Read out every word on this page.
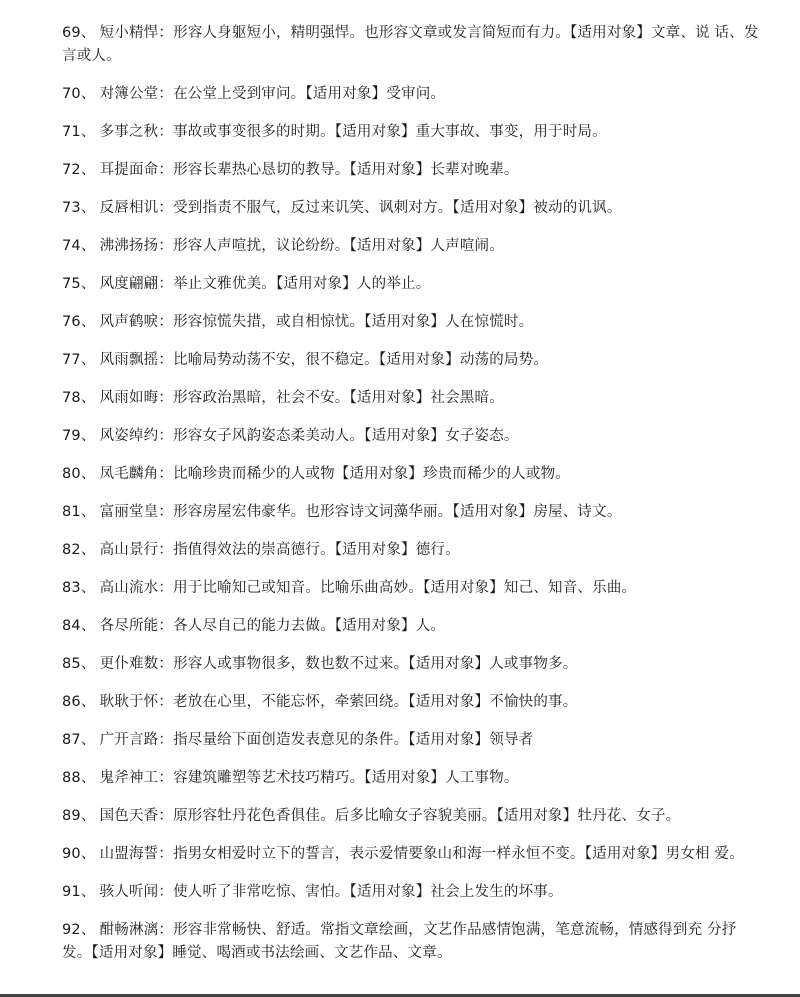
69、 短小精悍：形容人身躯短小，精明强悍。也形容文章或发言简短而有力。【适用对象】文章、说 话、发言或人。
70、 对簿公堂：在公堂上受到审问。【适用对象】受审问。
71、 多事之秋：事故或事变很多的时期。【适用对象】重大事故、事变，用于时局。
72、 耳提面命：形容长辈热心恳切的教导。【适用对象】长辈对晚辈。
73、 反唇相讥：受到指责不服气，反过来讥笑、讽刺对方。【适用对象】被动的讥讽。
74、 沸沸扬扬：形容人声喧扰，议论纷纷。【适用对象】人声喧闹。
75、 风度翩翩：举止文雅优美。【适用对象】人的举止。
76、 风声鹤唳：形容惊慌失措，或自相惊忧。【适用对象】人在惊慌时。
77、 风雨飘摇：比喻局势动荡不安，很不稳定。【适用对象】动荡的局势。
78、 风雨如晦：形容政治黑暗，社会不安。【适用对象】社会黑暗。
79、 风姿绰约：形容女子风韵姿态柔美动人。【适用对象】女子姿态。
80、 凤毛麟角：比喻珍贵而稀少的人或物【适用对象】珍贵而稀少的人或物。
81、 富丽堂皇：形容房屋宏伟豪华。也形容诗文词藻华丽。【适用对象】房屋、诗文。
82、 高山景行：指值得效法的崇高德行。【适用对象】德行。
83、 高山流水：用于比喻知己或知音。比喻乐曲高妙。【适用对象】知己、知音、乐曲。
84、 各尽所能：各人尽自己的能力去做。【适用对象】人。
85、 更仆难数：形容人或事物很多，数也数不过来。【适用对象】人或事物多。
86、 耿耿于怀：老放在心里，不能忘怀，牵萦回绕。【适用对象】不愉快的事。
87、 广开言路：指尽量给下面创造发表意见的条件。【适用对象】领导者
88、 鬼斧神工：容建筑雕塑等艺术技巧精巧。【适用对象】人工事物。
89、 国色天香：原形容牡丹花色香俱佳。后多比喻女子容貌美丽。【适用对象】牡丹花、女子。
90、 山盟海誓：指男女相爱时立下的誓言，表示爱情要象山和海一样永恒不变。【适用对象】男女相 爱。
91、 骇人听闻：使人听了非常吃惊、害怕。【适用对象】社会上发生的坏事。
92、 酣畅淋漓：形容非常畅快、舒适。常指文章绘画，文艺作品感情饱满，笔意流畅，情感得到充 分抒发。【适用对象】睡觉、喝酒或书法绘画、文艺作品、文章。
